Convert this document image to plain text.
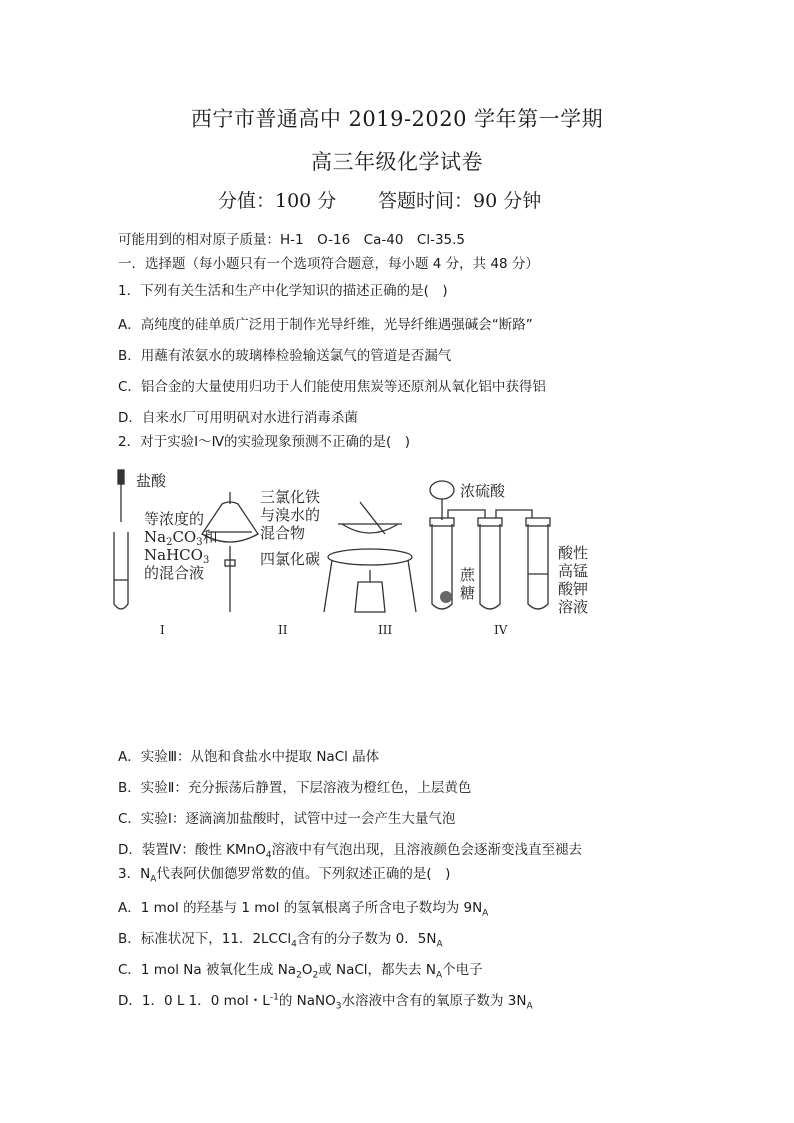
西宁市普通高中 2019-2020 学年第一学期
高三年级化学试卷
分值：100 分 答题时间：90 分钟
可能用到的相对原子质量：H-1　O-16　Ca-40　Cl-35.5
一．选择题（每小题只有一个选项符合题意，每小题 4 分，共 48 分）
1．下列有关生活和生产中化学知识的描述正确的是(　)
A．高纯度的硅单质广泛用于制作光导纤维，光导纤维遇强碱会“断路”
B．用蘸有浓氨水的玻璃棒检验输送氯气的管道是否漏气
C．铝合金的大量使用归功于人们能使用焦炭等还原剂从氧化铝中获得铝
D．自来水厂可用明矾对水进行消毒杀菌
2．对于实验Ⅰ～Ⅳ的实验现象预测不正确的是(　)
盐酸
等浓度的
$Na_2CO_3$和
NaHCO$_3$
的混合液
三氯化铁
与溴水的
混合物
四氯化碳
浓硫酸
蔗
糖
酸性
高锰
酸钾
溶液
I	II	III	IV
A．实验Ⅲ：从饱和食盐水中提取 NaCl 晶体
B．实验Ⅱ：充分振荡后静置，下层溶液为橙红色，上层黄色
C．实验Ⅰ：逐滴滴加盐酸时，试管中过一会产生大量气泡
D．装置Ⅳ：酸性 KMnO$_4$溶液中有气泡出现，且溶液颜色会逐渐变浅直至褪去
3．$N_A$代表阿伏伽德罗常数的值。下列叙述正确的是(　)
A．1 mol 的羟基与 1 mol 的氢氧根离子所含电子数均为 $9N_A$
B．标准状况下，11．2LCCl$_4$含有的分子数为 0．$5N_A$
C．1 mol Na 被氧化生成 $Na_2O_2$或 NaCl，都失去 $N_A$个电子
D．1．0 L 1．0 mol・$L^{-1}$的 NaNO$_3$水溶液中含有的氧原子数为 $3N_A$
